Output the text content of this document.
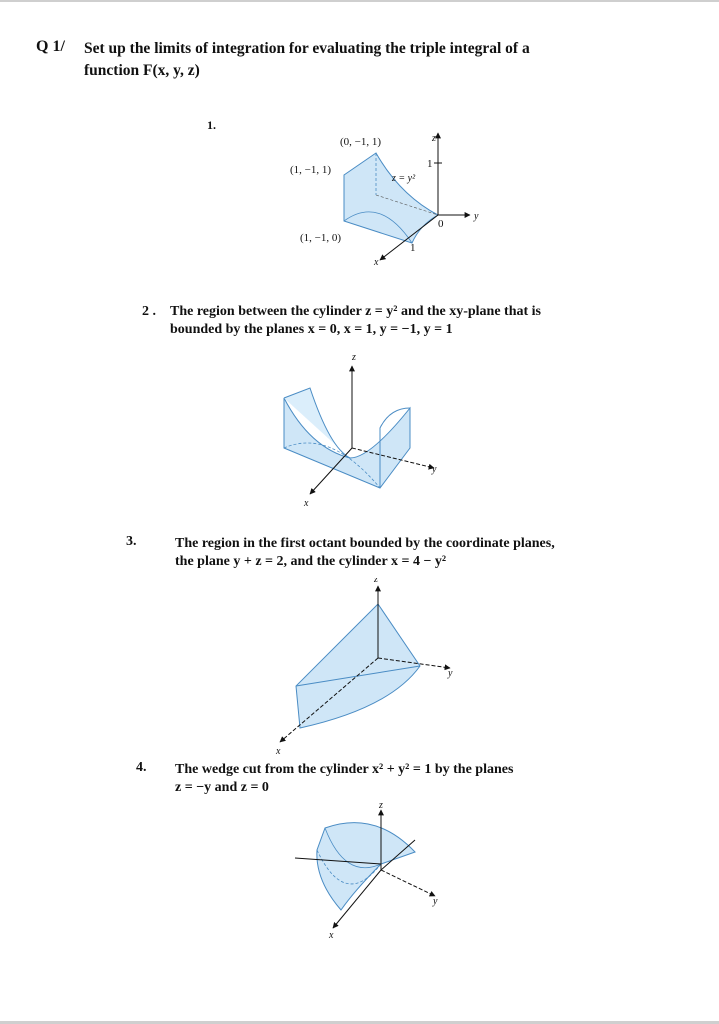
Q 1/ Set up the limits of integration for evaluating the triple integral of a
function F(x, y, z)
1.
(0, −1, 1)
(1, −1, 1)
(1, −1, 0)
z = y²
z
y
x
1
1
0
2 . The region between the cylinder z = y² and the xy-plane that is
bounded by the planes x = 0, x = 1, y = −1, y = 1
z
y
x
3.	The region in the first octant bounded by the coordinate planes,
the plane y + z = 2, and the cylinder x = 4 − y²
z
y
x
4. The wedge cut from the cylinder x² + y² = 1 by the planes
z = −y and z = 0
z
y
x
